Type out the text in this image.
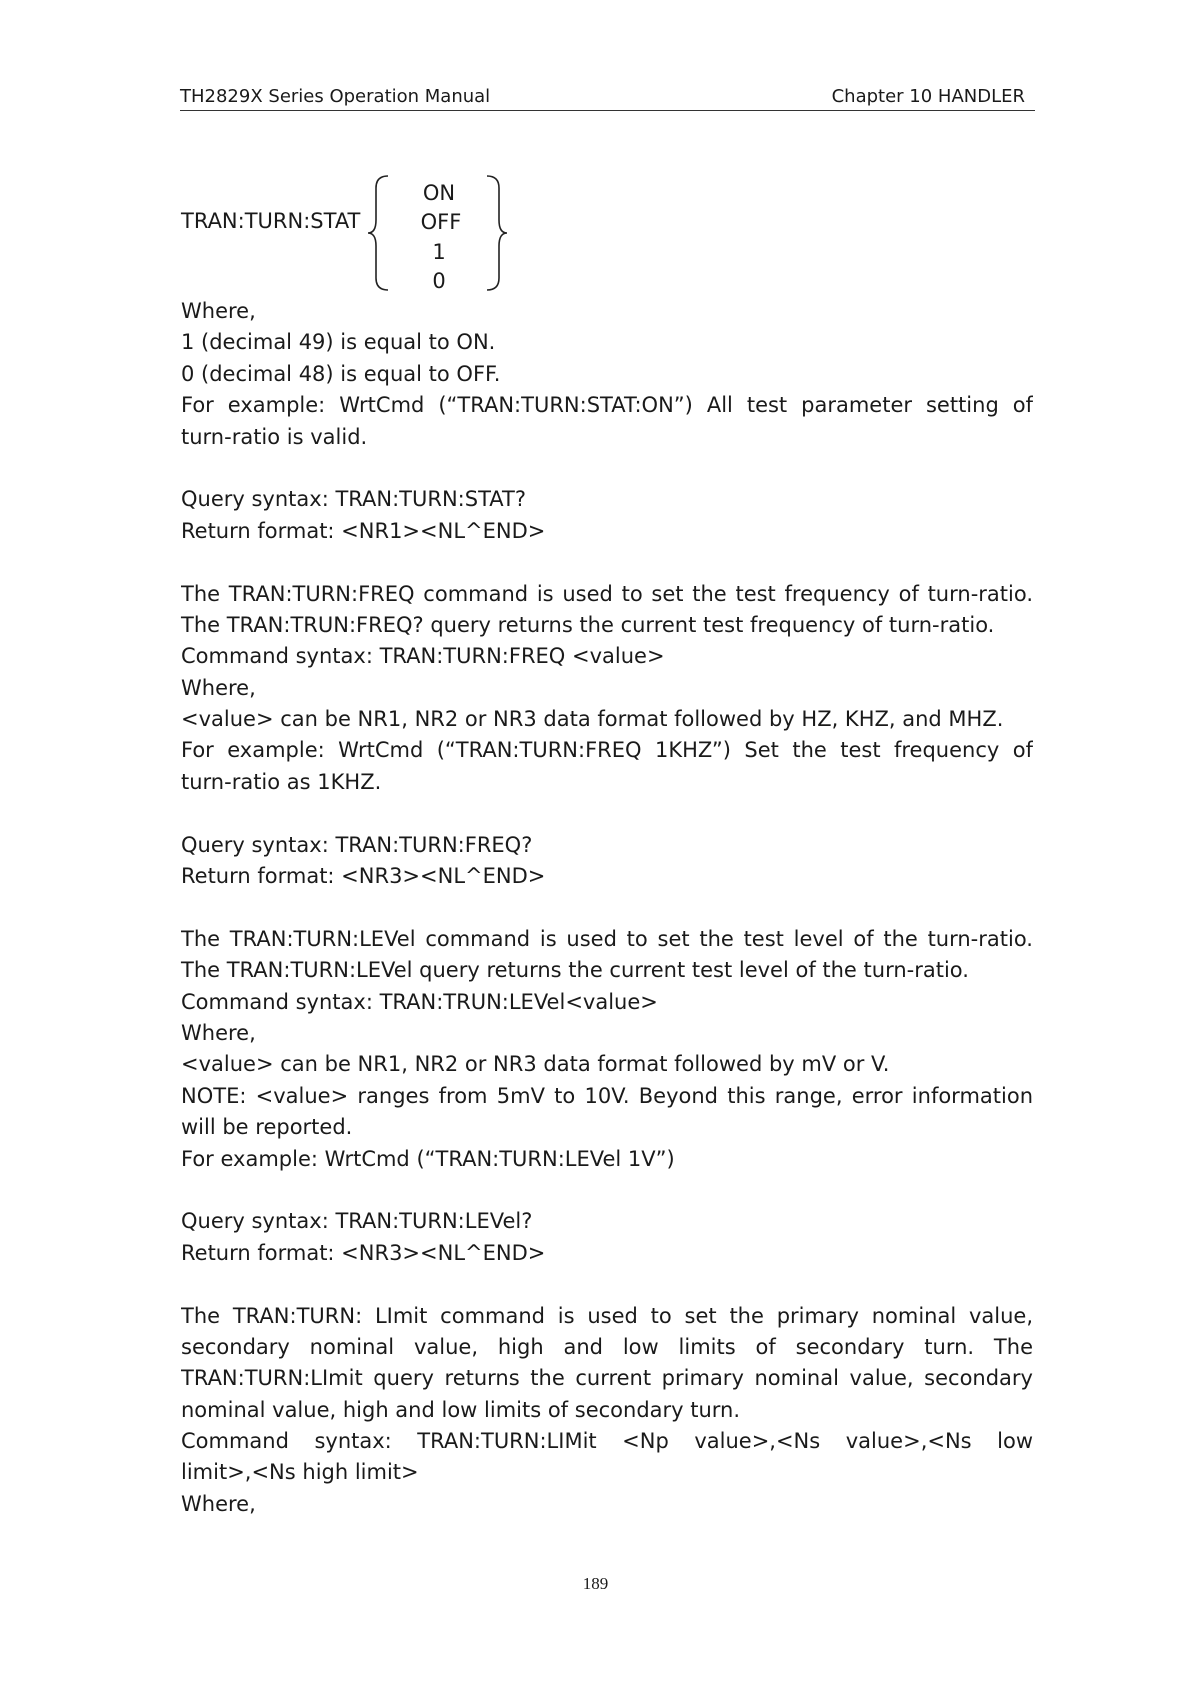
TH2829X Series Operation Manual	Chapter 10 HANDLER
TRAN:TURN:STAT
ON
OFF
1
0
Where,
1 (decimal 49) is equal to ON.
0 (decimal 48) is equal to OFF.
For example: WrtCmd (“TRAN:TURN:STAT:ON”) All test parameter setting of
turn-ratio is valid.
Query syntax: TRAN:TURN:STAT?
Return format: <NR1><NL^END>
The TRAN:TURN:FREQ command is used to set the test frequency of turn-ratio.
The TRAN:TRUN:FREQ? query returns the current test frequency of turn-ratio.
Command syntax: TRAN:TURN:FREQ <value>
Where,
<value> can be NR1, NR2 or NR3 data format followed by HZ, KHZ, and MHZ.
For example: WrtCmd (“TRAN:TURN:FREQ 1KHZ”) Set the test frequency of
turn-ratio as 1KHZ.
Query syntax: TRAN:TURN:FREQ?
Return format: <NR3><NL^END>
The TRAN:TURN:LEVel command is used to set the test level of the turn-ratio.
The TRAN:TURN:LEVel query returns the current test level of the turn-ratio.
Command syntax: TRAN:TRUN:LEVel<value>
Where,
<value> can be NR1, NR2 or NR3 data format followed by mV or V.
NOTE: <value> ranges from 5mV to 10V. Beyond this range, error information
will be reported.
For example: WrtCmd (“TRAN:TURN:LEVel 1V”)
Query syntax: TRAN:TURN:LEVel?
Return format: <NR3><NL^END>
The TRAN:TURN: LImit command is used to set the primary nominal value,
secondary nominal value, high and low limits of secondary turn. The
TRAN:TURN:LImit query returns the current primary nominal value, secondary
nominal value, high and low limits of secondary turn.
Command syntax: TRAN:TURN:LIMit <Np value>,<Ns value>,<Ns low
limit>,<Ns high limit>
Where,
189
